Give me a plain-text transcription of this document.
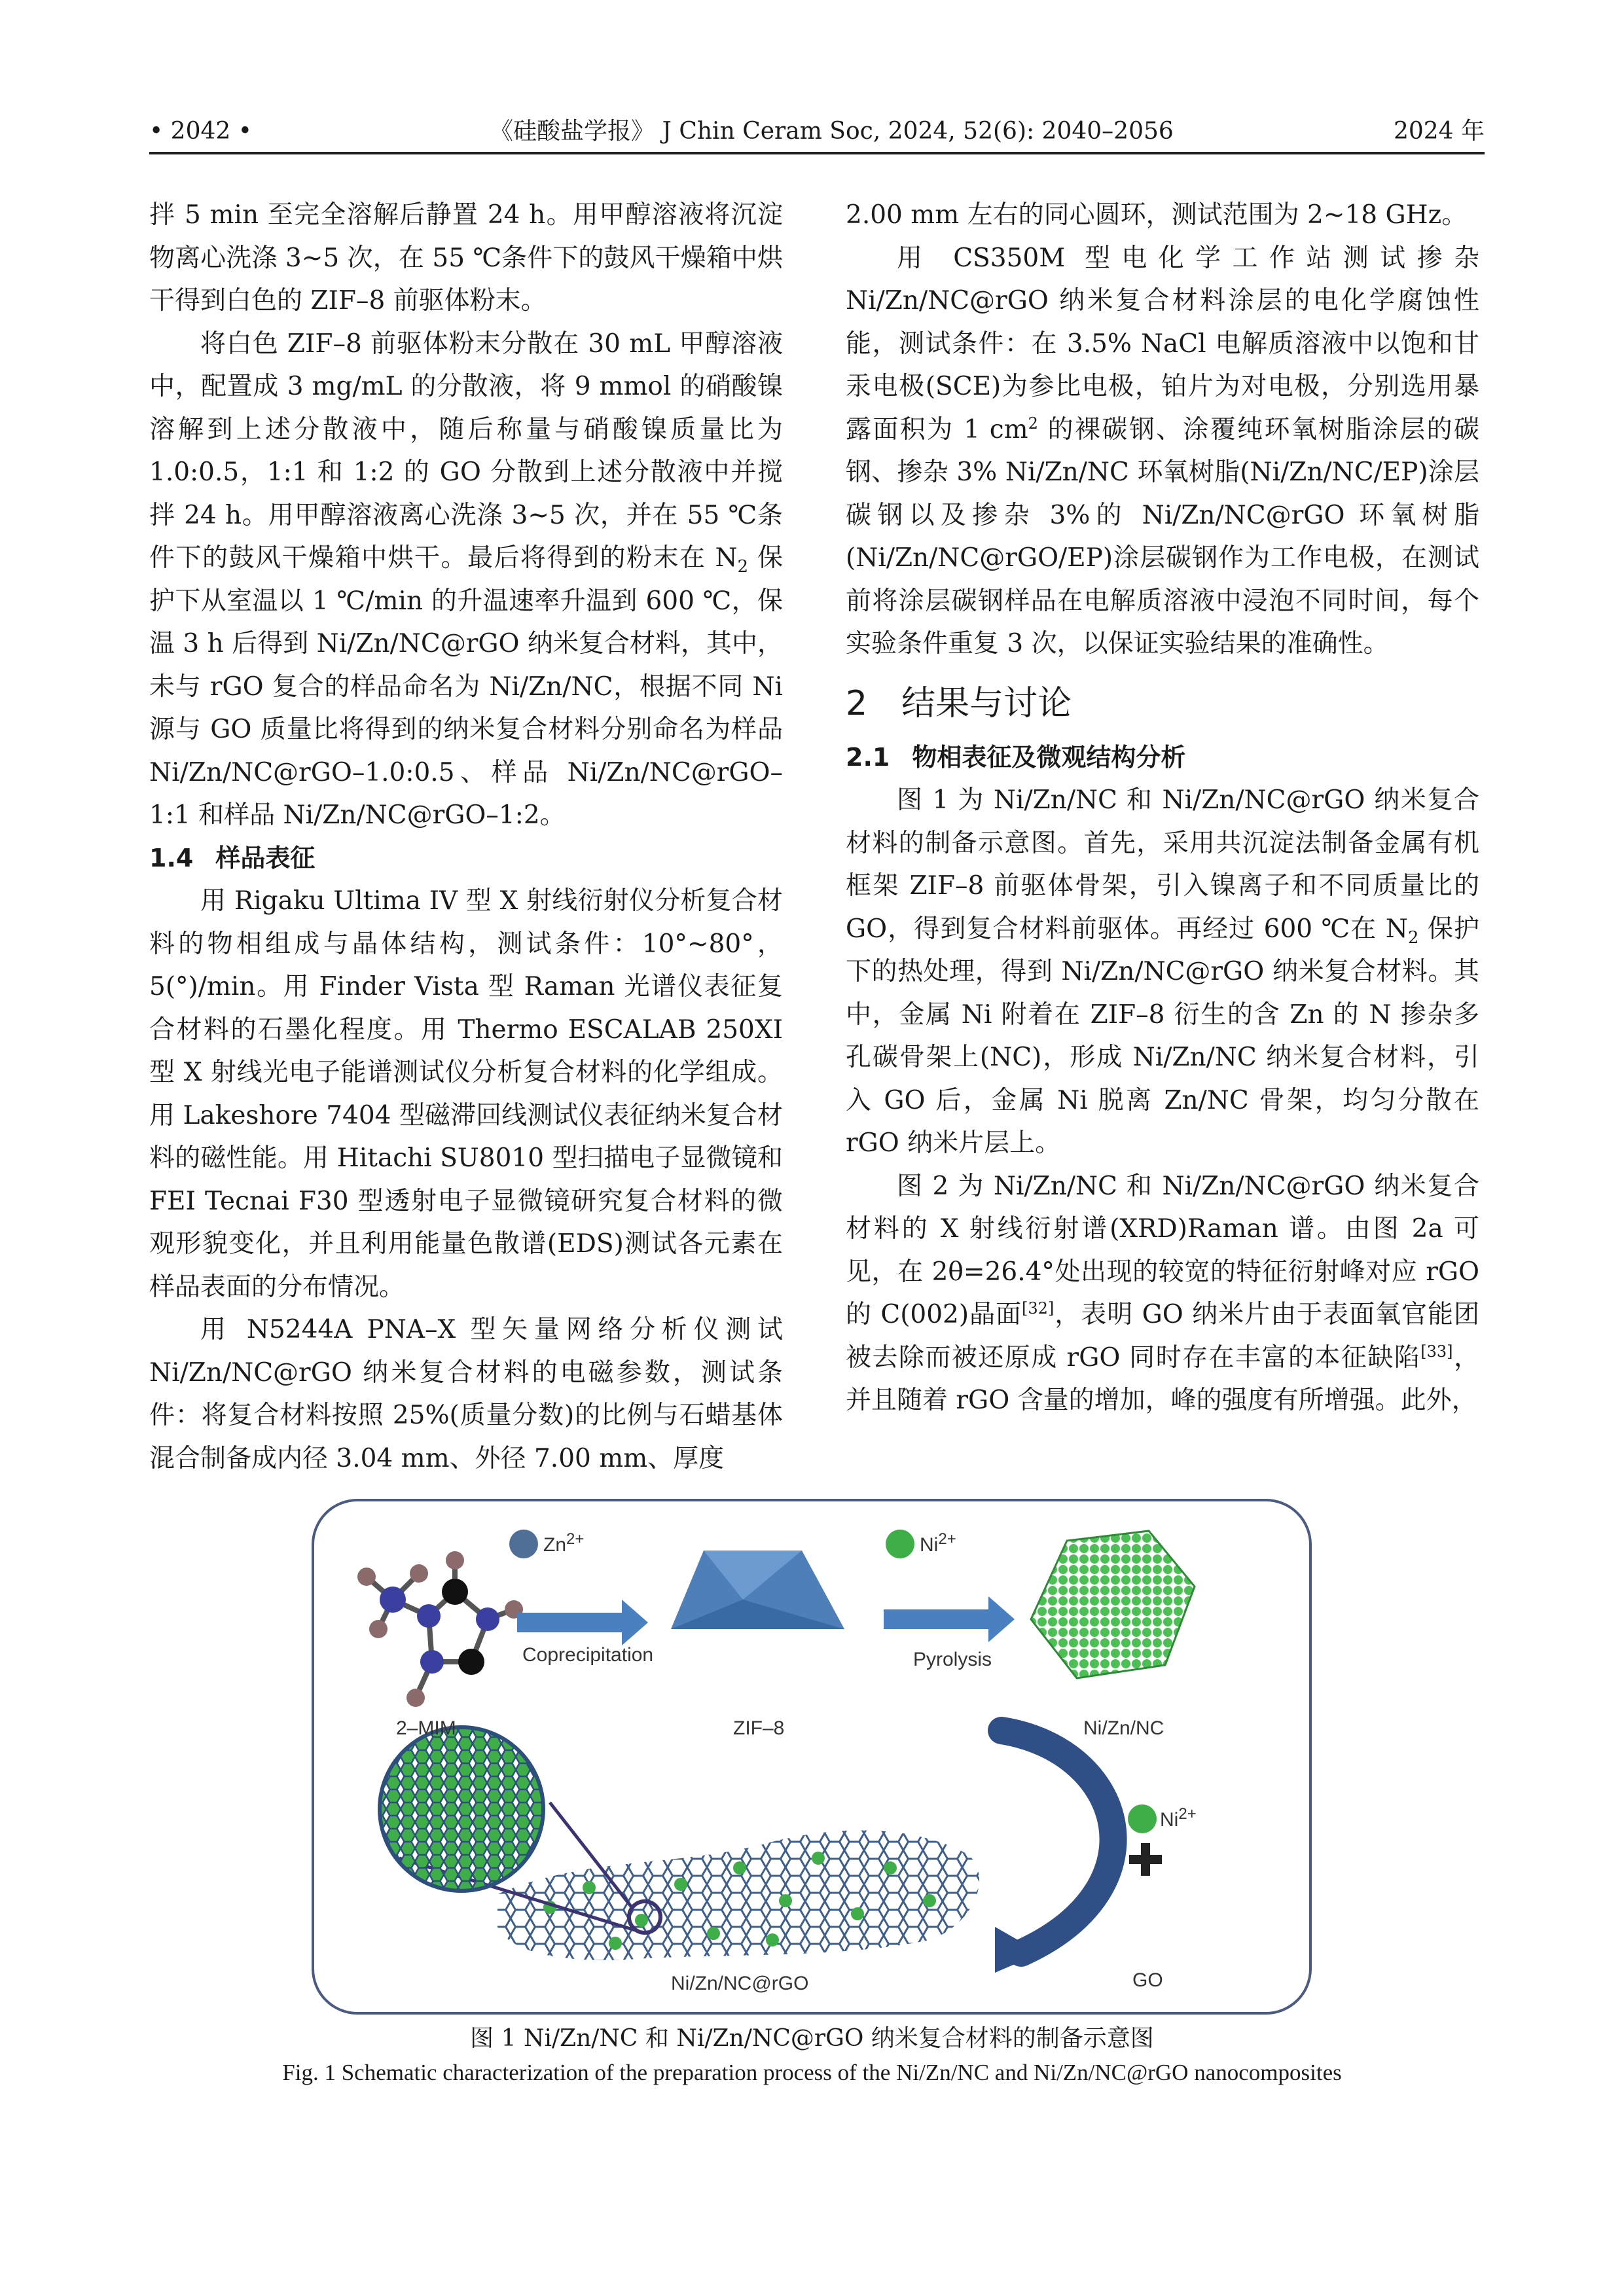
• 2042 •	《硅酸盐学报》 J Chin Ceram Soc, 2024, 52(6): 2040–2056	2024 年

拌 5 min 至完全溶解后静置 24 h。用甲醇溶液将沉淀物离心洗涤 3~5 次，在 55 ℃条件下的鼓风干燥箱中烘干得到白色的 ZIF–8 前驱体粉末。

将白色 ZIF–8 前驱体粉末分散在 30 mL 甲醇溶液中，配置成 3 mg/mL 的分散液，将 9 mmol 的硝酸镍溶解到上述分散液中，随后称量与硝酸镍质量比为 1.0:0.5，1:1 和 1:2 的 GO 分散到上述分散液中并搅拌 24 h。用甲醇溶液离心洗涤 3~5 次，并在 55 ℃条件下的鼓风干燥箱中烘干。最后将得到的粉末在 $N_2$ 保护下从室温以 1 ℃/min 的升温速率升温到 600 ℃，保温 3 h 后得到 Ni/Zn/NC@rGO 纳米复合材料，其中，未与 rGO 复合的样品命名为 Ni/Zn/NC，根据不同 Ni 源与 GO 质量比将得到的纳米复合材料分别命名为样品 Ni/Zn/NC@rGO–1.0:0.5、样品 Ni/Zn/NC@rGO–1:1 和样品 Ni/Zn/NC@rGO–1:2。

1.4 样品表征

用 Rigaku Ultima IV 型 X 射线衍射仪分析复合材料的物相组成与晶体结构，测试条件：10°~80°，5(°)/min。用 Finder Vista 型 Raman 光谱仪表征复合材料的石墨化程度。用 Thermo ESCALAB 250XI 型 X 射线光电子能谱测试仪分析复合材料的化学组成。用 Lakeshore 7404 型磁滞回线测试仪表征纳米复合材料的磁性能。用 Hitachi SU8010 型扫描电子显微镜和 FEI Tecnai F30 型透射电子显微镜研究复合材料的微观形貌变化，并且利用能量色散谱(EDS)测试各元素在样品表面的分布情况。

用 N5244A PNA–X 型矢量网络分析仪测试 Ni/Zn/NC@rGO 纳米复合材料的电磁参数，测试条件：将复合材料按照 25%(质量分数)的比例与石蜡基体混合制备成内径 3.04 mm、外径 7.00 mm、厚度

2.00 mm 左右的同心圆环，测试范围为 2~18 GHz。

用 CS350M 型电化学工作站测试掺杂 Ni/Zn/NC@rGO 纳米复合材料涂层的电化学腐蚀性能，测试条件：在 3.5% NaCl 电解质溶液中以饱和甘汞电极(SCE)为参比电极，铂片为对电极，分别选用暴露面积为 1 $cm^2$ 的裸碳钢、涂覆纯环氧树脂涂层的碳钢、掺杂 3% Ni/Zn/NC 环氧树脂(Ni/Zn/NC/EP)涂层碳钢以及掺杂 3%的 Ni/Zn/NC@rGO 环氧树脂(Ni/Zn/NC@rGO/EP)涂层碳钢作为工作电极，在测试前将涂层碳钢样品在电解质溶液中浸泡不同时间，每个实验条件重复 3 次，以保证实验结果的准确性。

2 结果与讨论
2.1 物相表征及微观结构分析

图 1 为 Ni/Zn/NC 和 Ni/Zn/NC@rGO 纳米复合材料的制备示意图。首先，采用共沉淀法制备金属有机框架 ZIF–8 前驱体骨架，引入镍离子和不同质量比的 GO，得到复合材料前驱体。再经过 600 ℃在 $N_2$ 保护下的热处理，得到 Ni/Zn/NC@rGO 纳米复合材料。其中，金属 Ni 附着在 ZIF–8 衍生的含 Zn 的 N 掺杂多孔碳骨架上(NC)，形成 Ni/Zn/NC 纳米复合材料，引入 GO 后，金属 Ni 脱离 Zn/NC 骨架，均匀分散在 rGO 纳米片层上。

图 2 为 Ni/Zn/NC 和 Ni/Zn/NC@rGO 纳米复合材料的 X 射线衍射谱(XRD)Raman 谱。由图 2a 可见，在 2θ=26.4°处出现的较宽的特征衍射峰对应 rGO 的 C(002)晶面[32]，表明 GO 纳米片由于表面氧官能团被去除而被还原成 rGO 同时存在丰富的本征缺陷[33]，并且随着 rGO 含量的增加，峰的强度有所增强。此外，

2–MIM
$Zn^{2+}$
Coprecipitation
ZIF–8
$Ni^{2+}$
Pyrolysis
Ni/Zn/NC
$Ni^{2+}$
GO
Ni/Zn/NC@rGO
图 1 Ni/Zn/NC 和 Ni/Zn/NC@rGO 纳米复合材料的制备示意图
Fig. 1 Schematic characterization of the preparation process of the Ni/Zn/NC and Ni/Zn/NC@rGO nanocomposites
